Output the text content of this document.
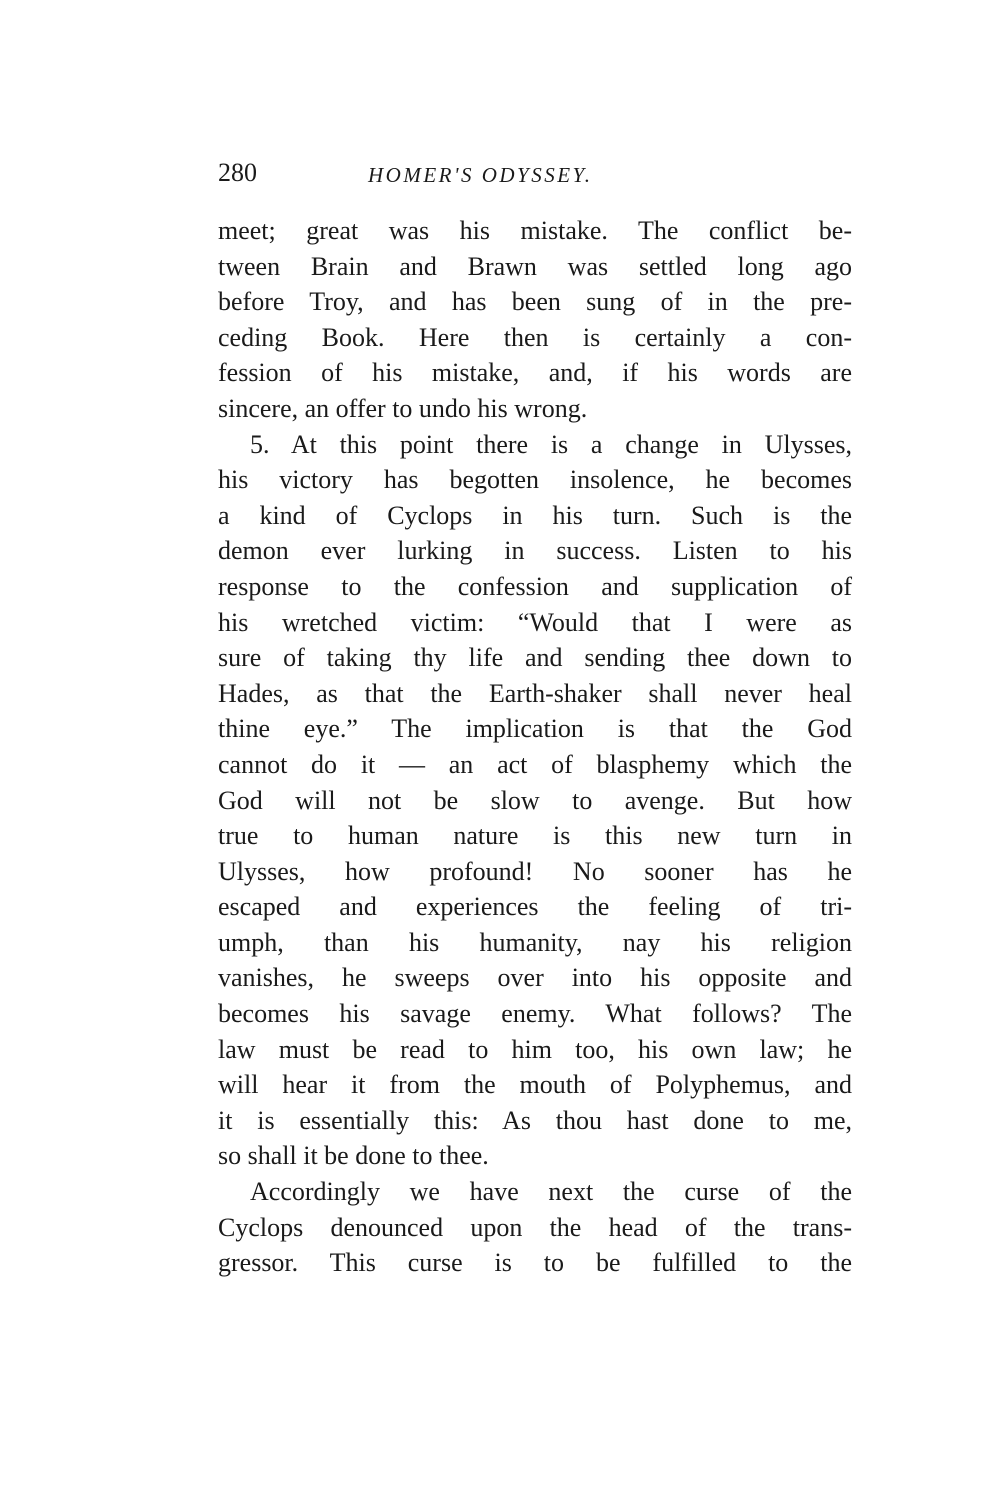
280	HOMER'S ODYSSEY.
meet; great was his mistake. The conflict be-
tween Brain and Brawn was settled long ago
before Troy, and has been sung of in the pre-
ceding Book. Here then is certainly a con-
fession of his mistake, and, if his words are
sincere, an offer to undo his wrong.
5. At this point there is a change in Ulysses,
his victory has begotten insolence, he becomes
a kind of Cyclops in his turn. Such is the
demon ever lurking in success. Listen to his
response to the confession and supplication of
his wretched victim: “Would that I were as
sure of taking thy life and sending thee down to
Hades, as that the Earth-shaker shall never heal
thine eye.” The implication is that the God
cannot do it — an act of blasphemy which the
God will not be slow to avenge. But how
true to human nature is this new turn in
Ulysses, how profound! No sooner has he
escaped and experiences the feeling of tri-
umph, than his humanity, nay his religion
vanishes, he sweeps over into his opposite and
becomes his savage enemy. What follows? The
law must be read to him too, his own law; he
will hear it from the mouth of Polyphemus, and
it is essentially this: As thou hast done to me,
so shall it be done to thee.
Accordingly we have next the curse of the
Cyclops denounced upon the head of the trans-
gressor. This curse is to be fulfilled to the
